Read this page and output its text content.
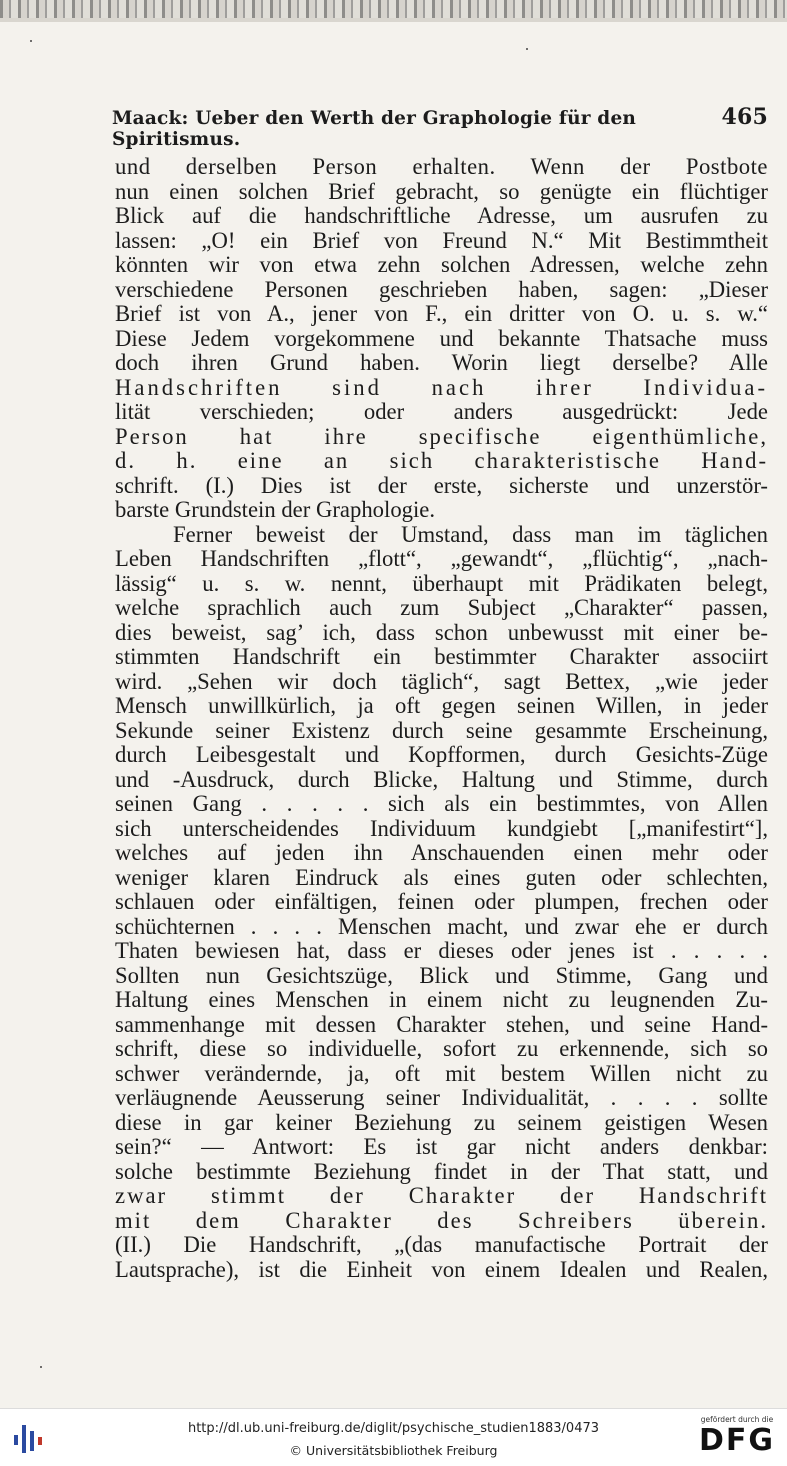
Maack: Ueber den Werth der Graphologie für den Spiritismus.
465
und derselben Person erhalten. Wenn der Postbote
nun einen solchen Brief gebracht, so genügte ein flüchtiger
Blick auf die handschriftliche Adresse, um ausrufen zu
lassen: „O! ein Brief von Freund N.“ Mit Bestimmtheit
könnten wir von etwa zehn solchen Adressen, welche zehn
verschiedene Personen geschrieben haben, sagen: „Dieser
Brief ist von A., jener von F., ein dritter von O. u. s. w.“
Diese Jedem vorgekommene und bekannte Thatsache muss
doch ihren Grund haben. Worin liegt derselbe? Alle
Handschriften sind nach ihrer Individua-
lität verschieden; oder anders ausgedrückt: Jede
Person hat ihre specifische eigenthümliche,
d. h. eine an sich charakteristische Hand-
schrift. (I.) Dies ist der erste, sicherste und unzerstör-
barste Grundstein der Graphologie.
Ferner beweist der Umstand, dass man im täglichen
Leben Handschriften „flott“, „gewandt“, „flüchtig“, „nach-
lässig“ u. s. w. nennt, überhaupt mit Prädikaten belegt,
welche sprachlich auch zum Subject „Charakter“ passen,
dies beweist, sag’ ich, dass schon unbewusst mit einer be-
stimmten Handschrift ein bestimmter Charakter associirt
wird. „Sehen wir doch täglich“, sagt Bettex, „wie jeder
Mensch unwillkürlich, ja oft gegen seinen Willen, in jeder
Sekunde seiner Existenz durch seine gesammte Erscheinung,
durch Leibesgestalt und Kopfformen, durch Gesichts-Züge
und -Ausdruck, durch Blicke, Haltung und Stimme, durch
seinen Gang . . . . . sich als ein bestimmtes, von Allen
sich unterscheidendes Individuum kundgiebt [„manifestirt“],
welches auf jeden ihn Anschauenden einen mehr oder
weniger klaren Eindruck als eines guten oder schlechten,
schlauen oder einfältigen, feinen oder plumpen, frechen oder
schüchternen . . . . Menschen macht, und zwar ehe er durch
Thaten bewiesen hat, dass er dieses oder jenes ist . . . . .
Sollten nun Gesichtszüge, Blick und Stimme, Gang und
Haltung eines Menschen in einem nicht zu leugnenden Zu-
sammenhange mit dessen Charakter stehen, und seine Hand-
schrift, diese so individuelle, sofort zu erkennende, sich so
schwer verändernde, ja, oft mit bestem Willen nicht zu
verläugnende Aeusserung seiner Individualität, . . . . sollte
diese in gar keiner Beziehung zu seinem geistigen Wesen
sein?“ — Antwort: Es ist gar nicht anders denkbar:
solche bestimmte Beziehung findet in der That statt, und
zwar stimmt der Charakter der Handschrift
mit dem Charakter des Schreibers überein.
(II.) Die Handschrift, „(das manufactische Portrait der
Lautsprache), ist die Einheit von einem Idealen und Realen,
http://dl.ub.uni-freiburg.de/diglit/psychische_studien1883/0473
© Universitätsbibliothek Freiburg
gefördert durch die
DFG
